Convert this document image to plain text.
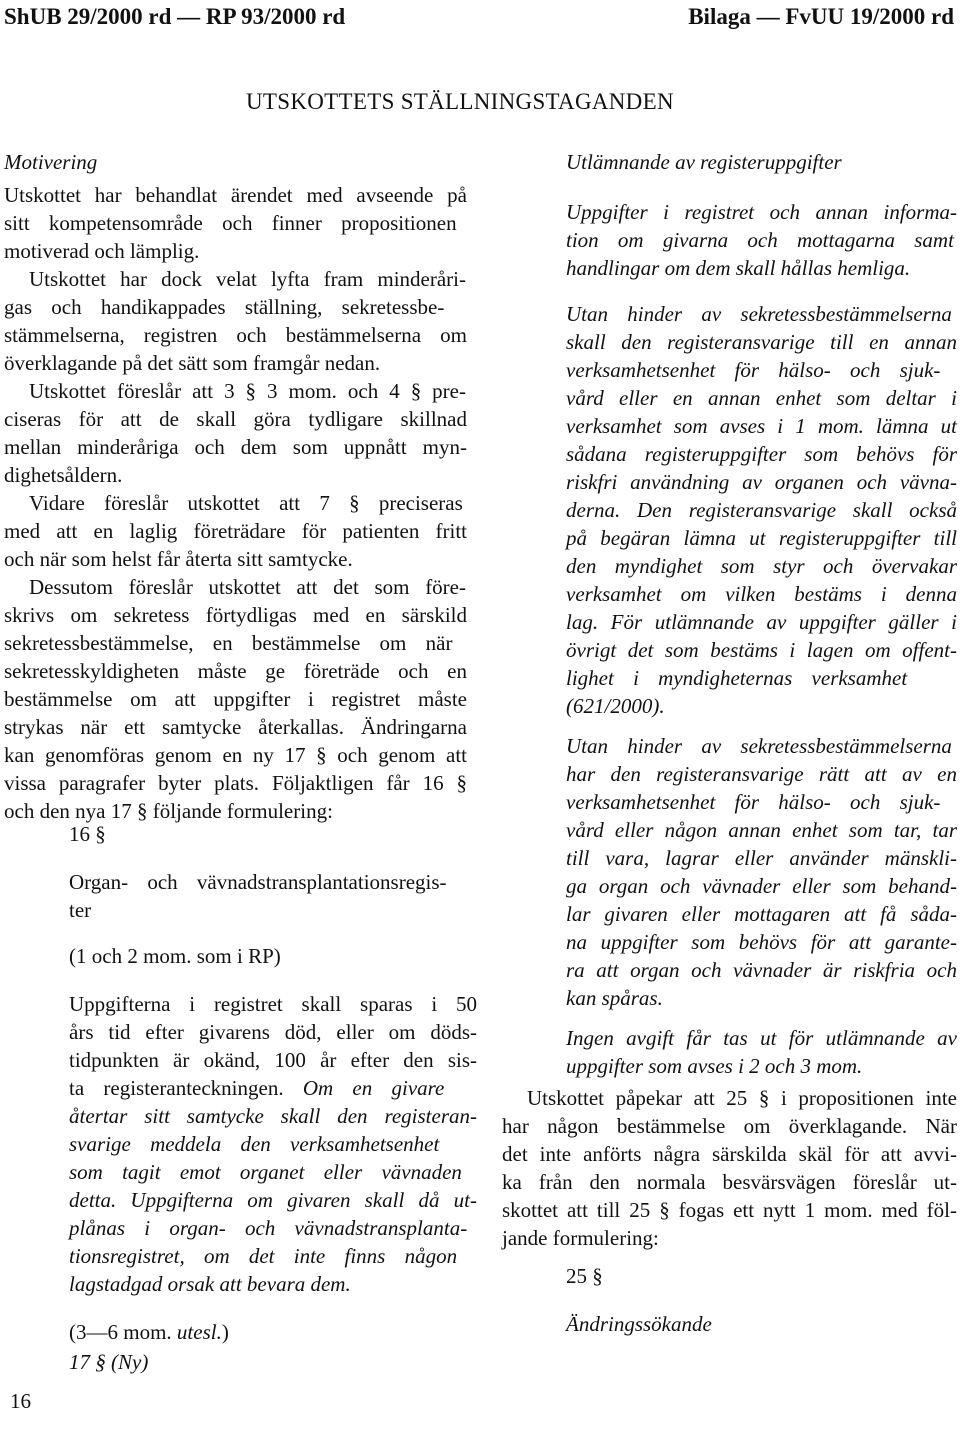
ShUB 29/2000 rd — RP 93/2000 rd	Bilaga — FvUU 19/2000 rd
UTSKOTTETS STÄLLNINGSTAGANDEN
Motivering
Utskottet har behandlat ärendet med avseende på
sitt kompetensområde och finner propositionen
motiverad och lämplig.
Utskottet har dock velat lyfta fram minderåri-
gas och handikappades ställning, sekretessbe-
stämmelserna, registren och bestämmelserna om
överklagande på det sätt som framgår nedan.
Utskottet föreslår att 3 § 3 mom. och 4 § pre-
ciseras för att de skall göra tydligare skillnad
mellan minderåriga och dem som uppnått myn-
dighetsåldern.
Vidare föreslår utskottet att 7 § preciseras
med att en laglig företrädare för patienten fritt
och när som helst får återta sitt samtycke.
Dessutom föreslår utskottet att det som före-
skrivs om sekretess förtydligas med en särskild
sekretessbestämmelse, en bestämmelse om när
sekretesskyldigheten måste ge företräde och en
bestämmelse om att uppgifter i registret måste
strykas när ett samtycke återkallas. Ändringarna
kan genomföras genom en ny 17 § och genom att
vissa paragrafer byter plats. Följaktligen får 16 §
och den nya 17 § följande formulering:
16 §
Organ- och vävnadstransplantationsregis-
ter
(1 och 2 mom. som i RP)
Uppgifterna i registret skall sparas i 50
års tid efter givarens död, eller om döds-
tidpunkten är okänd, 100 år efter den sis-
ta registeranteckningen. Om en givare
återtar sitt samtycke skall den registeran-
svarige meddela den verksamhetsenhet
som tagit emot organet eller vävnaden
detta. Uppgifterna om givaren skall då ut-
plånas i organ- och vävnadstransplanta-
tionsregistret, om det inte finns någon
lagstadgad orsak att bevara dem.
(3—6 mom. utesl.)
17 § (Ny)
Utlämnande av registeruppgifter
Uppgifter i registret och annan informa-
tion om givarna och mottagarna samt
handlingar om dem skall hållas hemliga.
Utan hinder av sekretessbestämmelserna
skall den registeransvarige till en annan
verksamhetsenhet för hälso- och sjuk-
vård eller en annan enhet som deltar i
verksamhet som avses i 1 mom. lämna ut
sådana registeruppgifter som behövs för
riskfri användning av organen och vävna-
derna. Den registeransvarige skall också
på begäran lämna ut registeruppgifter till
den myndighet som styr och övervakar
verksamhet om vilken bestäms i denna
lag. För utlämnande av uppgifter gäller i
övrigt det som bestäms i lagen om offent-
lighet i myndigheternas verksamhet
(621/2000).
Utan hinder av sekretessbestämmelserna
har den registeransvarige rätt att av en
verksamhetsenhet för hälso- och sjuk-
vård eller någon annan enhet som tar, tar
till vara, lagrar eller använder mänskli-
ga organ och vävnader eller som behand-
lar givaren eller mottagaren att få såda-
na uppgifter som behövs för att garante-
ra att organ och vävnader är riskfria och
kan spåras.
Ingen avgift får tas ut för utlämnande av
uppgifter som avses i 2 och 3 mom.
Utskottet påpekar att 25 § i propositionen inte
har någon bestämmelse om överklagande. När
det inte anförts några särskilda skäl för att avvi-
ka från den normala besvärsvägen föreslår ut-
skottet att till 25 § fogas ett nytt 1 mom. med föl-
jande formulering:
25 §
Ändringssökande
16
